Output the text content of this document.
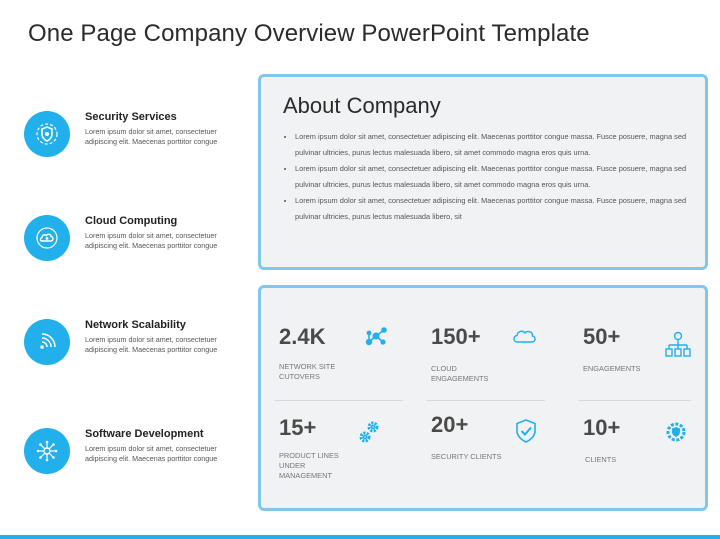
One Page Company Overview PowerPoint Template
Security Services
Lorem ipsum dolor sit amet, consectetuer adipiscing elit. Maecenas porttitor congue
Cloud Computing
Lorem ipsum dolor sit amet, consectetuer adipiscing elit. Maecenas porttitor congue
Network Scalability
Lorem ipsum dolor sit amet, consectetuer adipiscing elit. Maecenas porttitor congue
Software Development
Lorem ipsum dolor sit amet, consectetuer adipiscing elit. Maecenas porttitor congue
About Company
• Lorem ipsum dolor sit amet, consectetuer adipiscing elit. Maecenas porttitor congue massa. Fusce posuere, magna sed pulvinar ultricies, purus lectus malesuada libero, sit amet commodo magna eros quis urna.
• Lorem ipsum dolor sit amet, consectetuer adipiscing elit. Maecenas porttitor congue massa. Fusce posuere, magna sed pulvinar ultricies, purus lectus malesuada libero, sit amet commodo magna eros quis urna.
• Lorem ipsum dolor sit amet, consectetuer adipiscing elit. Maecenas porttitor congue massa. Fusce posuere, magna sed pulvinar ultricies, purus lectus malesuada libero, sit
2.4K
NETWORK SITE CUTOVERS
150+
CLOUD ENGAGEMENTS
50+
ENGAGEMENTS
15+
PRODUCT LINES UNDER MANAGEMENT
20+
SECURITY CLIENTS
10+
CLIENTS
